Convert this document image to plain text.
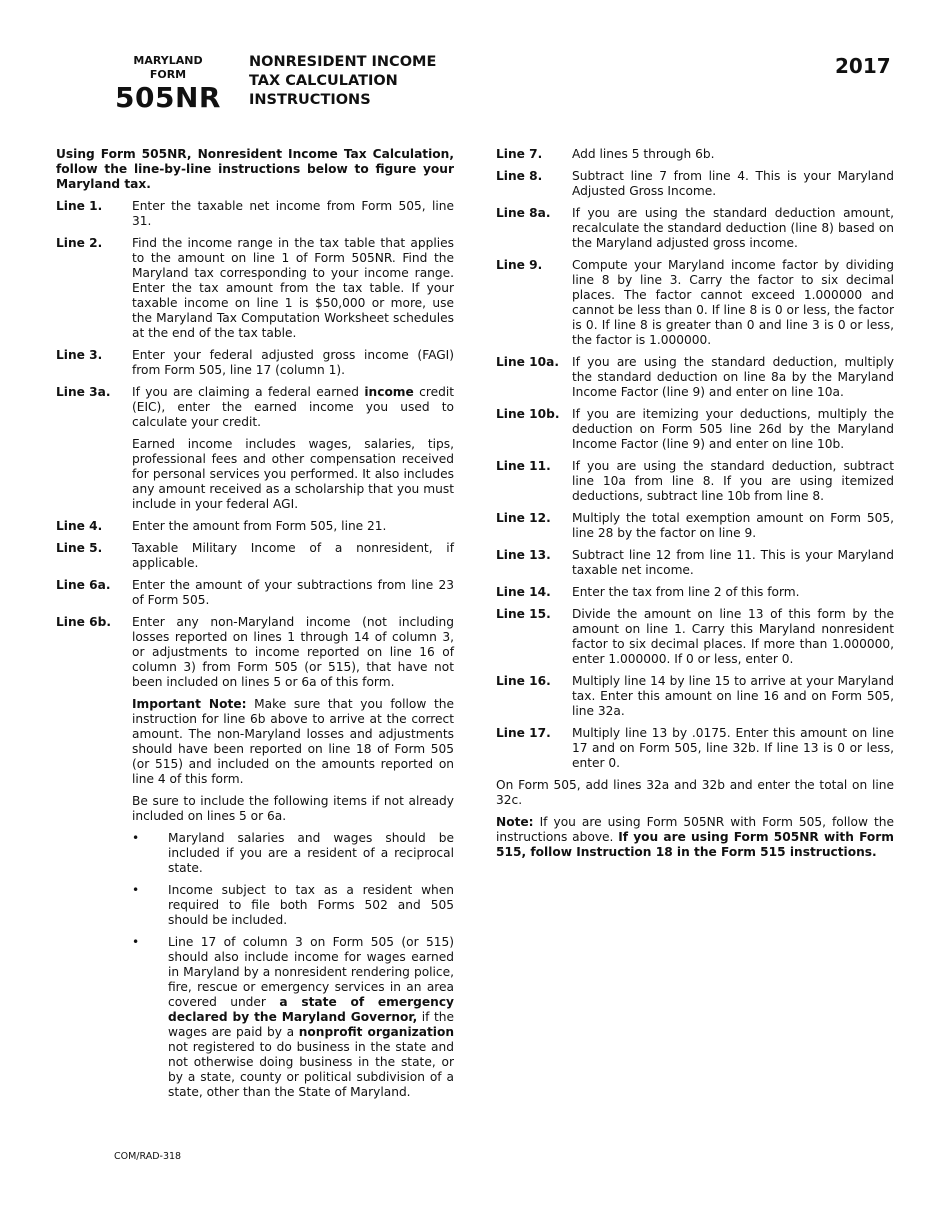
MARYLAND
FORM
505NR
NONRESIDENT INCOME
TAX CALCULATION
INSTRUCTIONS
2017
Using Form 505NR, Nonresident Income Tax Calculation, follow the line-by-line instructions below to figure your Maryland tax.
Line 1.	Enter the taxable net income from Form 505, line 31.
Line 2.	Find the income range in the tax table that applies to the amount on line 1 of Form 505NR. Find the Maryland tax corresponding to your income range. Enter the tax amount from the tax table. If your taxable income on line 1 is $50,000 or more, use the Maryland Tax Computation Worksheet schedules at the end of the tax table.
Line 3.	Enter your federal adjusted gross income (FAGI) from Form 505, line 17 (column 1).
Line 3a.	If you are claiming a federal earned income credit (EIC), enter the earned income you used to calculate your credit.
Earned income includes wages, salaries, tips, professional fees and other compensation received for personal services you performed. It also includes any amount received as a scholarship that you must include in your federal AGI.
Line 4.	Enter the amount from Form 505, line 21.
Line 5.	Taxable Military Income of a nonresident, if applicable.
Line 6a.	Enter the amount of your subtractions from line 23 of Form 505.
Line 6b.	Enter any non-Maryland income (not including losses reported on lines 1 through 14 of column 3, or adjustments to income reported on line 16 of column 3) from Form 505 (or 515), that have not been included on lines 5 or 6a of this form.
Important Note: Make sure that you follow the instruction for line 6b above to arrive at the correct amount. The non-Maryland losses and adjustments should have been reported on line 18 of Form 505 (or 515) and included on the amounts reported on line 4 of this form.
Be sure to include the following items if not already included on lines 5 or 6a.
•	Maryland salaries and wages should be included if you are a resident of a reciprocal state.
•	Income subject to tax as a resident when required to file both Forms 502 and 505 should be included.
•	Line 17 of column 3 on Form 505 (or 515) should also include income for wages earned in Maryland by a nonresident rendering police, fire, rescue or emergency services in an area covered under a state of emergency declared by the Maryland Governor, if the wages are paid by a nonprofit organization not registered to do business in the state and not otherwise doing business in the state, or by a state, county or political subdivision of a state, other than the State of Maryland.
Line 7.	Add lines 5 through 6b.
Line 8.	Subtract line 7 from line 4. This is your Maryland Adjusted Gross Income.
Line 8a.	If you are using the standard deduction amount, recalculate the standard deduction (line 8) based on the Maryland adjusted gross income.
Line 9.	Compute your Maryland income factor by dividing line 8 by line 3. Carry the factor to six decimal places. The factor cannot exceed 1.000000 and cannot be less than 0. If line 8 is 0 or less, the factor is 0. If line 8 is greater than 0 and line 3 is 0 or less, the factor is 1.000000.
Line 10a.	If you are using the standard deduction, multiply the standard deduction on line 8a by the Maryland Income Factor (line 9) and enter on line 10a.
Line 10b.	If you are itemizing your deductions, multiply the deduction on Form 505 line 26d by the Maryland Income Factor (line 9) and enter on line 10b.
Line 11.	If you are using the standard deduction, subtract line 10a from line 8. If you are using itemized deductions, subtract line 10b from line 8.
Line 12.	Multiply the total exemption amount on Form 505, line 28 by the factor on line 9.
Line 13.	Subtract line 12 from line 11. This is your Maryland taxable net income.
Line 14.	Enter the tax from line 2 of this form.
Line 15.	Divide the amount on line 13 of this form by the amount on line 1. Carry this Maryland nonresident factor to six decimal places. If more than 1.000000, enter 1.000000. If 0 or less, enter 0.
Line 16.	Multiply line 14 by line 15 to arrive at your Maryland tax. Enter this amount on line 16 and on Form 505, line 32a.
Line 17.	Multiply line 13 by .0175. Enter this amount on line 17 and on Form 505, line 32b. If line 13 is 0 or less, enter 0.
On Form 505, add lines 32a and 32b and enter the total on line 32c.
Note: If you are using Form 505NR with Form 505, follow the instructions above. If you are using Form 505NR with Form 515, follow Instruction 18 in the Form 515 instructions.
COM/RAD-318
